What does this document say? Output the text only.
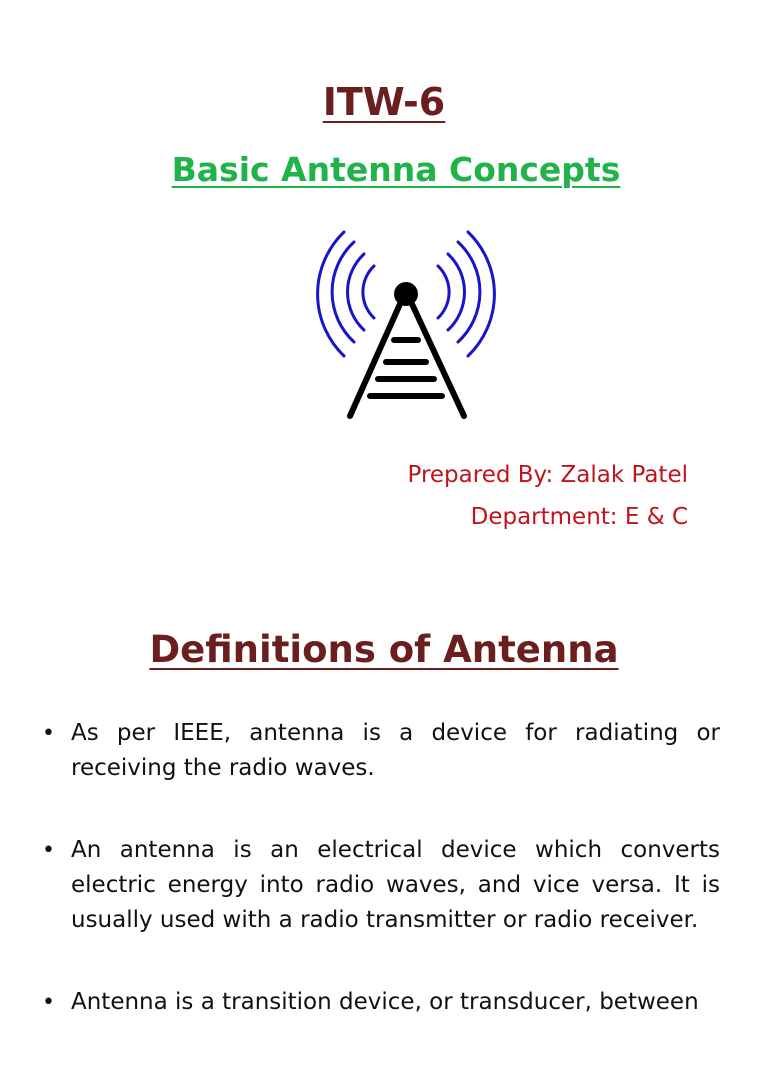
ITW-6
Basic Antenna Concepts
Prepared By: Zalak Patel
Department: E & C
Definitions of Antenna
• As per IEEE, antenna is a device for radiating or receiving the radio waves.
• An antenna is an electrical device which converts electric energy into radio waves, and vice versa. It is usually used with a radio transmitter or radio receiver.
• Antenna is a transition device, or transducer, between
